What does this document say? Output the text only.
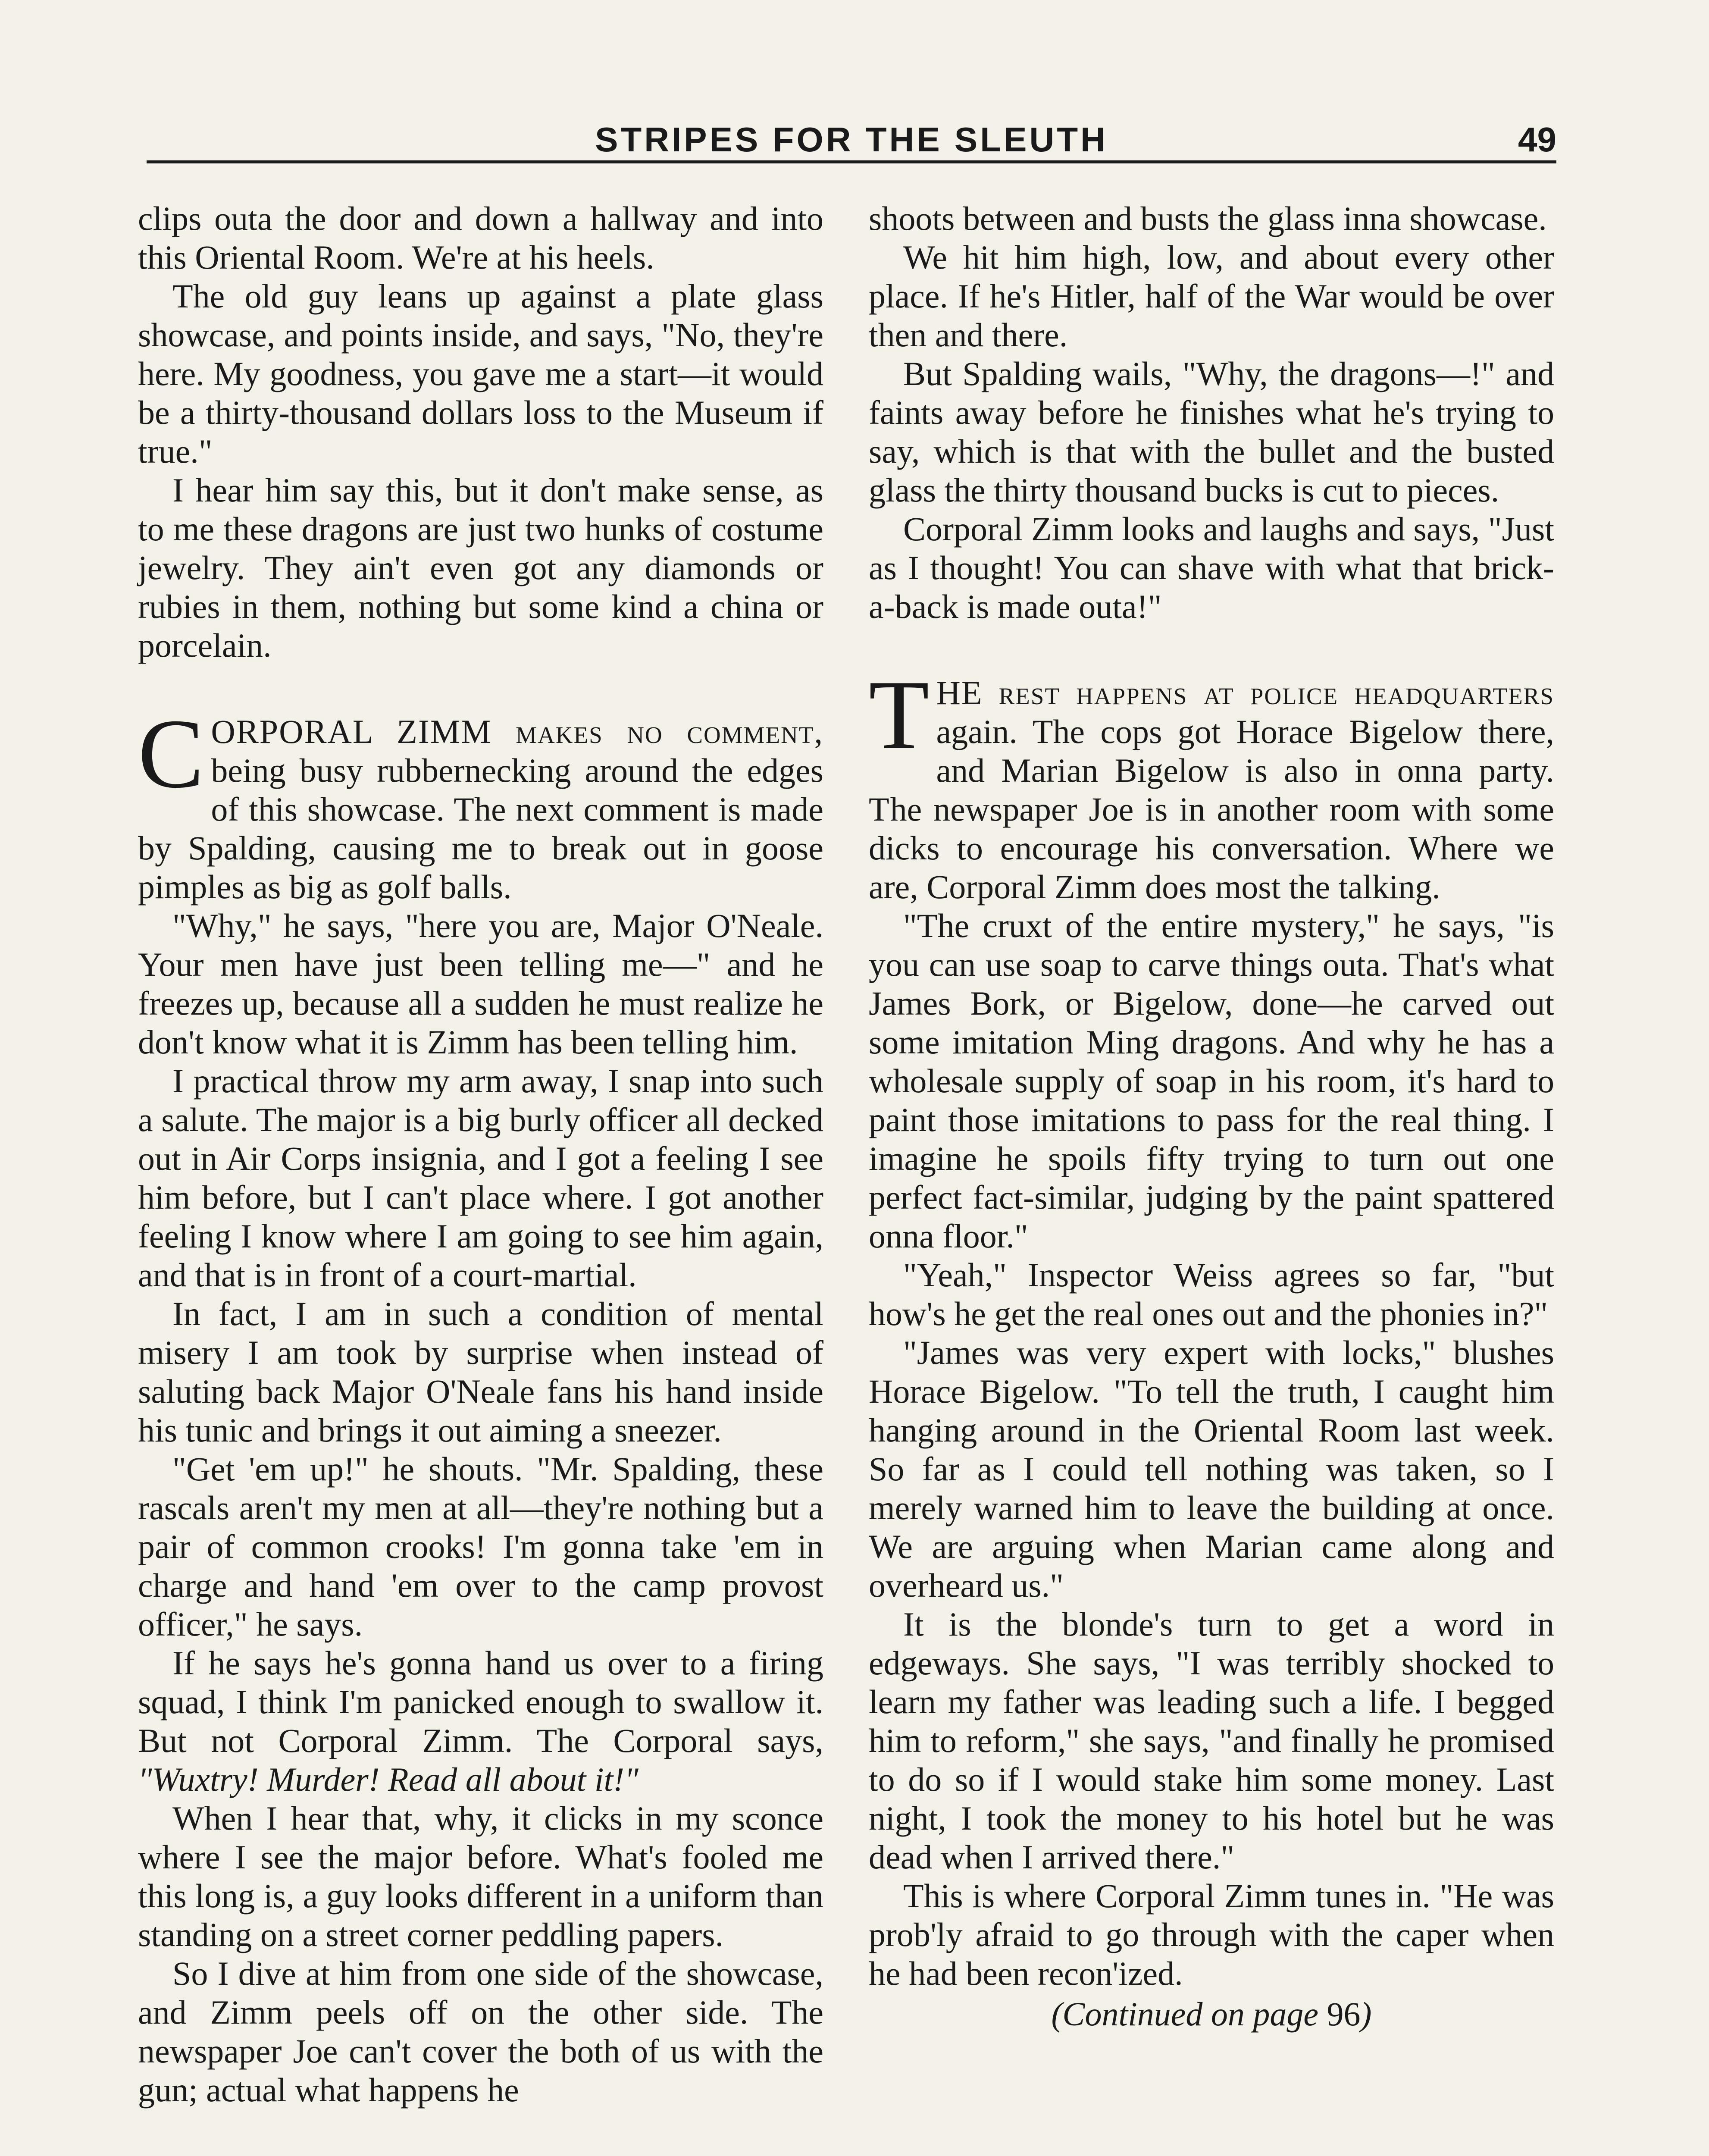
STRIPES FOR THE SLEUTH	49

clips outa the door and down a hallway and into this Oriental Room. We're at his heels.

The old guy leans up against a plate glass showcase, and points inside, and says, "No, they're here. My goodness, you gave me a start—it would be a thirty-thousand dollars loss to the Museum if true."

I hear him say this, but it don't make sense, as to me these dragons are just two hunks of costume jewelry. They ain't even got any diamonds or rubies in them, nothing but some kind a china or porcelain.

CORPORAL ZIMM makes no comment, being busy rubbernecking around the edges of this showcase. The next comment is made by Spalding, causing me to break out in goose pimples as big as golf balls.

"Why," he says, "here you are, Major O'Neale. Your men have just been telling me—" and he freezes up, because all a sudden he must realize he don't know what it is Zimm has been telling him.

I practical throw my arm away, I snap into such a salute. The major is a big burly officer all decked out in Air Corps insignia, and I got a feeling I see him before, but I can't place where. I got another feeling I know where I am going to see him again, and that is in front of a court-martial.

In fact, I am in such a condition of mental misery I am took by surprise when instead of saluting back Major O'Neale fans his hand inside his tunic and brings it out aiming a sneezer.

"Get 'em up!" he shouts. "Mr. Spalding, these rascals aren't my men at all—they're nothing but a pair of common crooks! I'm gonna take 'em in charge and hand 'em over to the camp provost officer," he says.

If he says he's gonna hand us over to a firing squad, I think I'm panicked enough to swallow it. But not Corporal Zimm. The Corporal says, "Wuxtry! Murder! Read all about it!"

When I hear that, why, it clicks in my sconce where I see the major before. What's fooled me this long is, a guy looks different in a uniform than standing on a street corner peddling papers.

So I dive at him from one side of the showcase, and Zimm peels off on the other side. The newspaper Joe can't cover the both of us with the gun; actual what happens he

shoots between and busts the glass inna showcase.

We hit him high, low, and about every other place. If he's Hitler, half of the War would be over then and there.

But Spalding wails, "Why, the dragons—!" and faints away before he finishes what he's trying to say, which is that with the bullet and the busted glass the thirty thousand bucks is cut to pieces.

Corporal Zimm looks and laughs and says, "Just as I thought! You can shave with what that brick-a-back is made outa!"

THE rest happens at police headquarters again. The cops got Horace Bigelow there, and Marian Bigelow is also in onna party. The newspaper Joe is in another room with some dicks to encourage his conversation. Where we are, Corporal Zimm does most the talking.

"The cruxt of the entire mystery," he says, "is you can use soap to carve things outa. That's what James Bork, or Bigelow, done—he carved out some imitation Ming dragons. And why he has a wholesale supply of soap in his room, it's hard to paint those imitations to pass for the real thing. I imagine he spoils fifty trying to turn out one perfect fact-similar, judging by the paint spattered onna floor."

"Yeah," Inspector Weiss agrees so far, "but how's he get the real ones out and the phonies in?"

"James was very expert with locks," blushes Horace Bigelow. "To tell the truth, I caught him hanging around in the Oriental Room last week. So far as I could tell nothing was taken, so I merely warned him to leave the building at once. We are arguing when Marian came along and overheard us."

It is the blonde's turn to get a word in edgeways. She says, "I was terribly shocked to learn my father was leading such a life. I begged him to reform," she says, "and finally he promised to do so if I would stake him some money. Last night, I took the money to his hotel but he was dead when I arrived there."

This is where Corporal Zimm tunes in. "He was prob'ly afraid to go through with the caper when he had been recon'ized.

(Continued on page 96)
